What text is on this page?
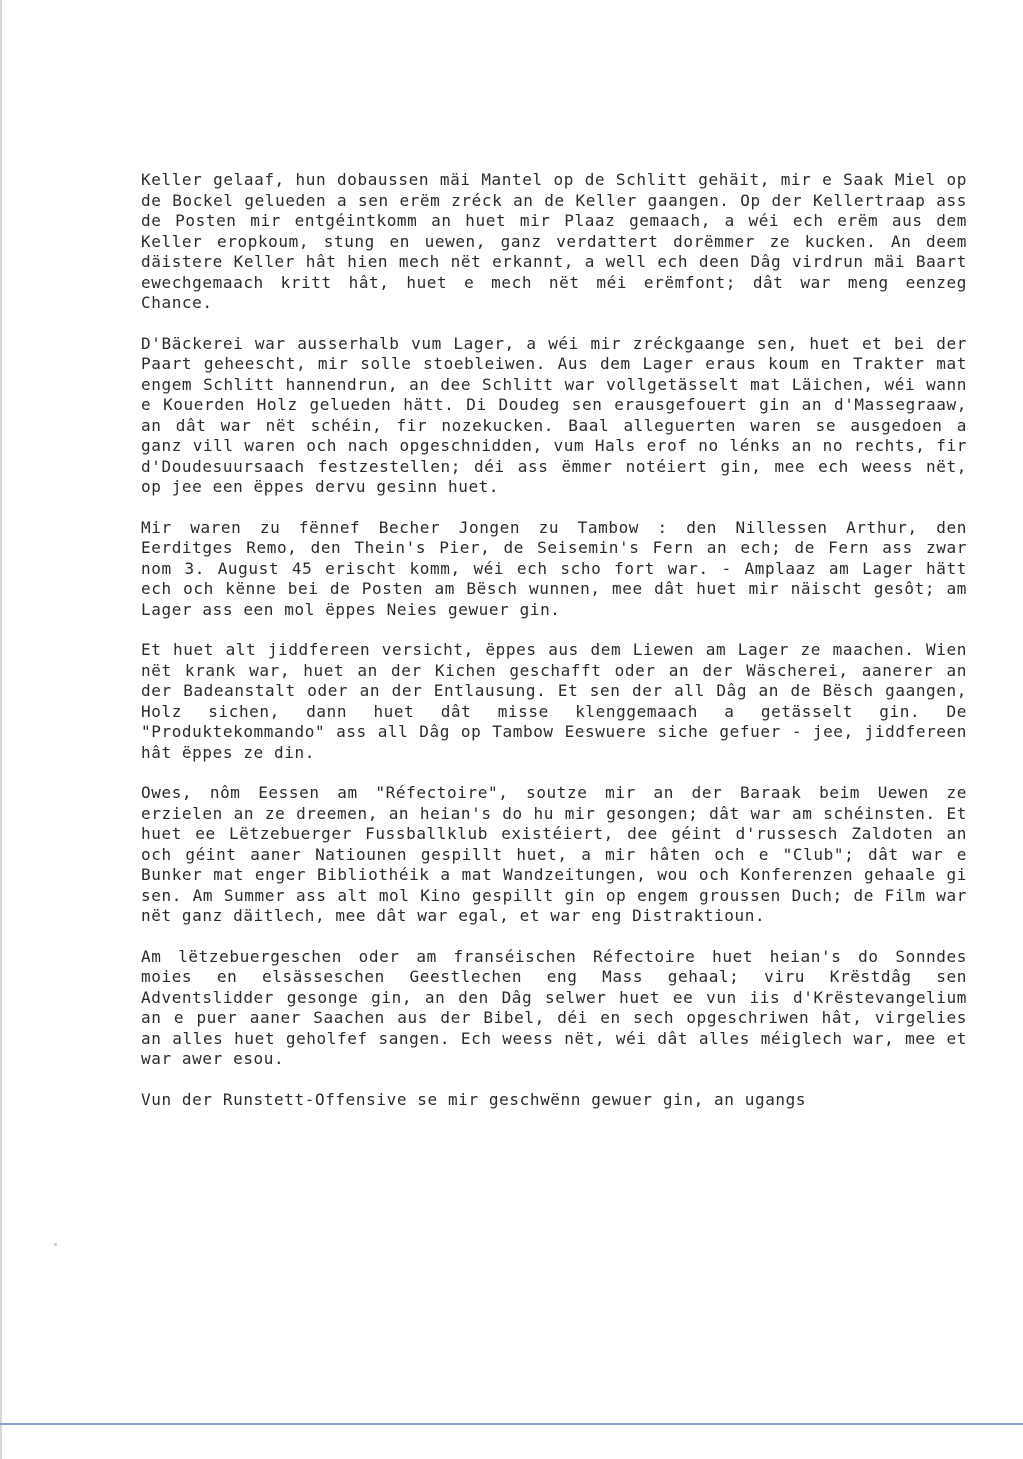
Keller gelaaf, hun dobaussen mäi Mantel op de Schlitt gehäit, mir e Saak Miel op de Bockel gelueden a sen erëm zréck an de Keller gaangen. Op der Kellertraap ass de Posten mir entgéintkomm an huet mir Plaaz gemaach, a wéi ech erëm aus dem Keller eropkoum, stung en uewen, ganz verdattert dorëmmer ze kucken. An deem däistere Keller hât hien mech nët erkannt, a well ech deen Dâg virdrun mäi Baart ewechgemaach kritt hât, huet e mech nët méi erëmfont; dât war meng eenzeg Chance.

D'Bäckerei war ausserhalb vum Lager, a wéi mir zréckgaange sen, huet et bei der Paart geheescht, mir solle stoebleiwen. Aus dem Lager eraus koum en Trakter mat engem Schlitt hannendrun, an dee Schlitt war vollgetässelt mat Läichen, wéi wann e Kouerden Holz gelueden hätt. Di Doudeg sen erausgefouert gin an d'Massegraaw, an dât war nët schéin, fir nozekucken. Baal alleguerten waren se ausgedoen a ganz vill waren och nach opgeschnidden, vum Hals erof no lénks an no rechts, fir d'Doudesuursaach festzestellen; déi ass ëmmer notéiert gin, mee ech weess nët, op jee een ëppes dervu gesinn huet.

Mir waren zu fënnef Becher Jongen zu Tambow : den Nillessen Arthur, den Eerditges Remo, den Thein's Pier, de Seisemin's Fern an ech; de Fern ass zwar nom 3. August 45 erischt komm, wéi ech scho fort war. - Amplaaz am Lager hätt ech och kënne bei de Posten am Bësch wunnen, mee dât huet mir näischt gesôt; am Lager ass een mol ëppes Neies gewuer gin.

Et huet alt jiddfereen versicht, ëppes aus dem Liewen am Lager ze maachen. Wien nët krank war, huet an der Kichen geschafft oder an der Wäscherei, aanerer an der Badeanstalt oder an der Entlausung. Et sen der all Dâg an de Bësch gaangen, Holz sichen, dann huet dât misse klenggemaach a getässelt gin. De "Produktekommando" ass all Dâg op Tambow Eeswuere siche gefuer - jee, jiddfereen hât ëppes ze din.

Owes, nôm Eessen am "Réfectoire", soutze mir an der Baraak beim Uewen ze erzielen an ze dreemen, an heian's do hu mir gesongen; dât war am schéinsten. Et huet ee Lëtzebuerger Fussballklub existéiert, dee géint d'russesch Zaldoten an och géint aaner Natiounen gespillt huet, a mir hâten och e "Club"; dât war e Bunker mat enger Bibliothéik a mat Wandzeitungen, wou och Konferenzen gehaale gi sen. Am Summer ass alt mol Kino gespillt gin op engem groussen Duch; de Film war nët ganz däitlech, mee dât war egal, et war eng Distraktioun.

Am lëtzebuergeschen oder am franséischen Réfectoire huet heian's do Sonndes moies en elsässeschen Geestlechen eng Mass gehaal; viru Krëstdâg sen Adventslidder gesonge gin, an den Dâg selwer huet ee vun iis d'Krëstevangelium an e puer aaner Saachen aus der Bibel, déi en sech opgeschriwen hât, virgelies an alles huet geholfef sangen. Ech weess nët, wéi dât alles méiglech war, mee et war awer esou.

Vun der Runstett-Offensive se mir geschwënn gewuer gin, an ugangs
